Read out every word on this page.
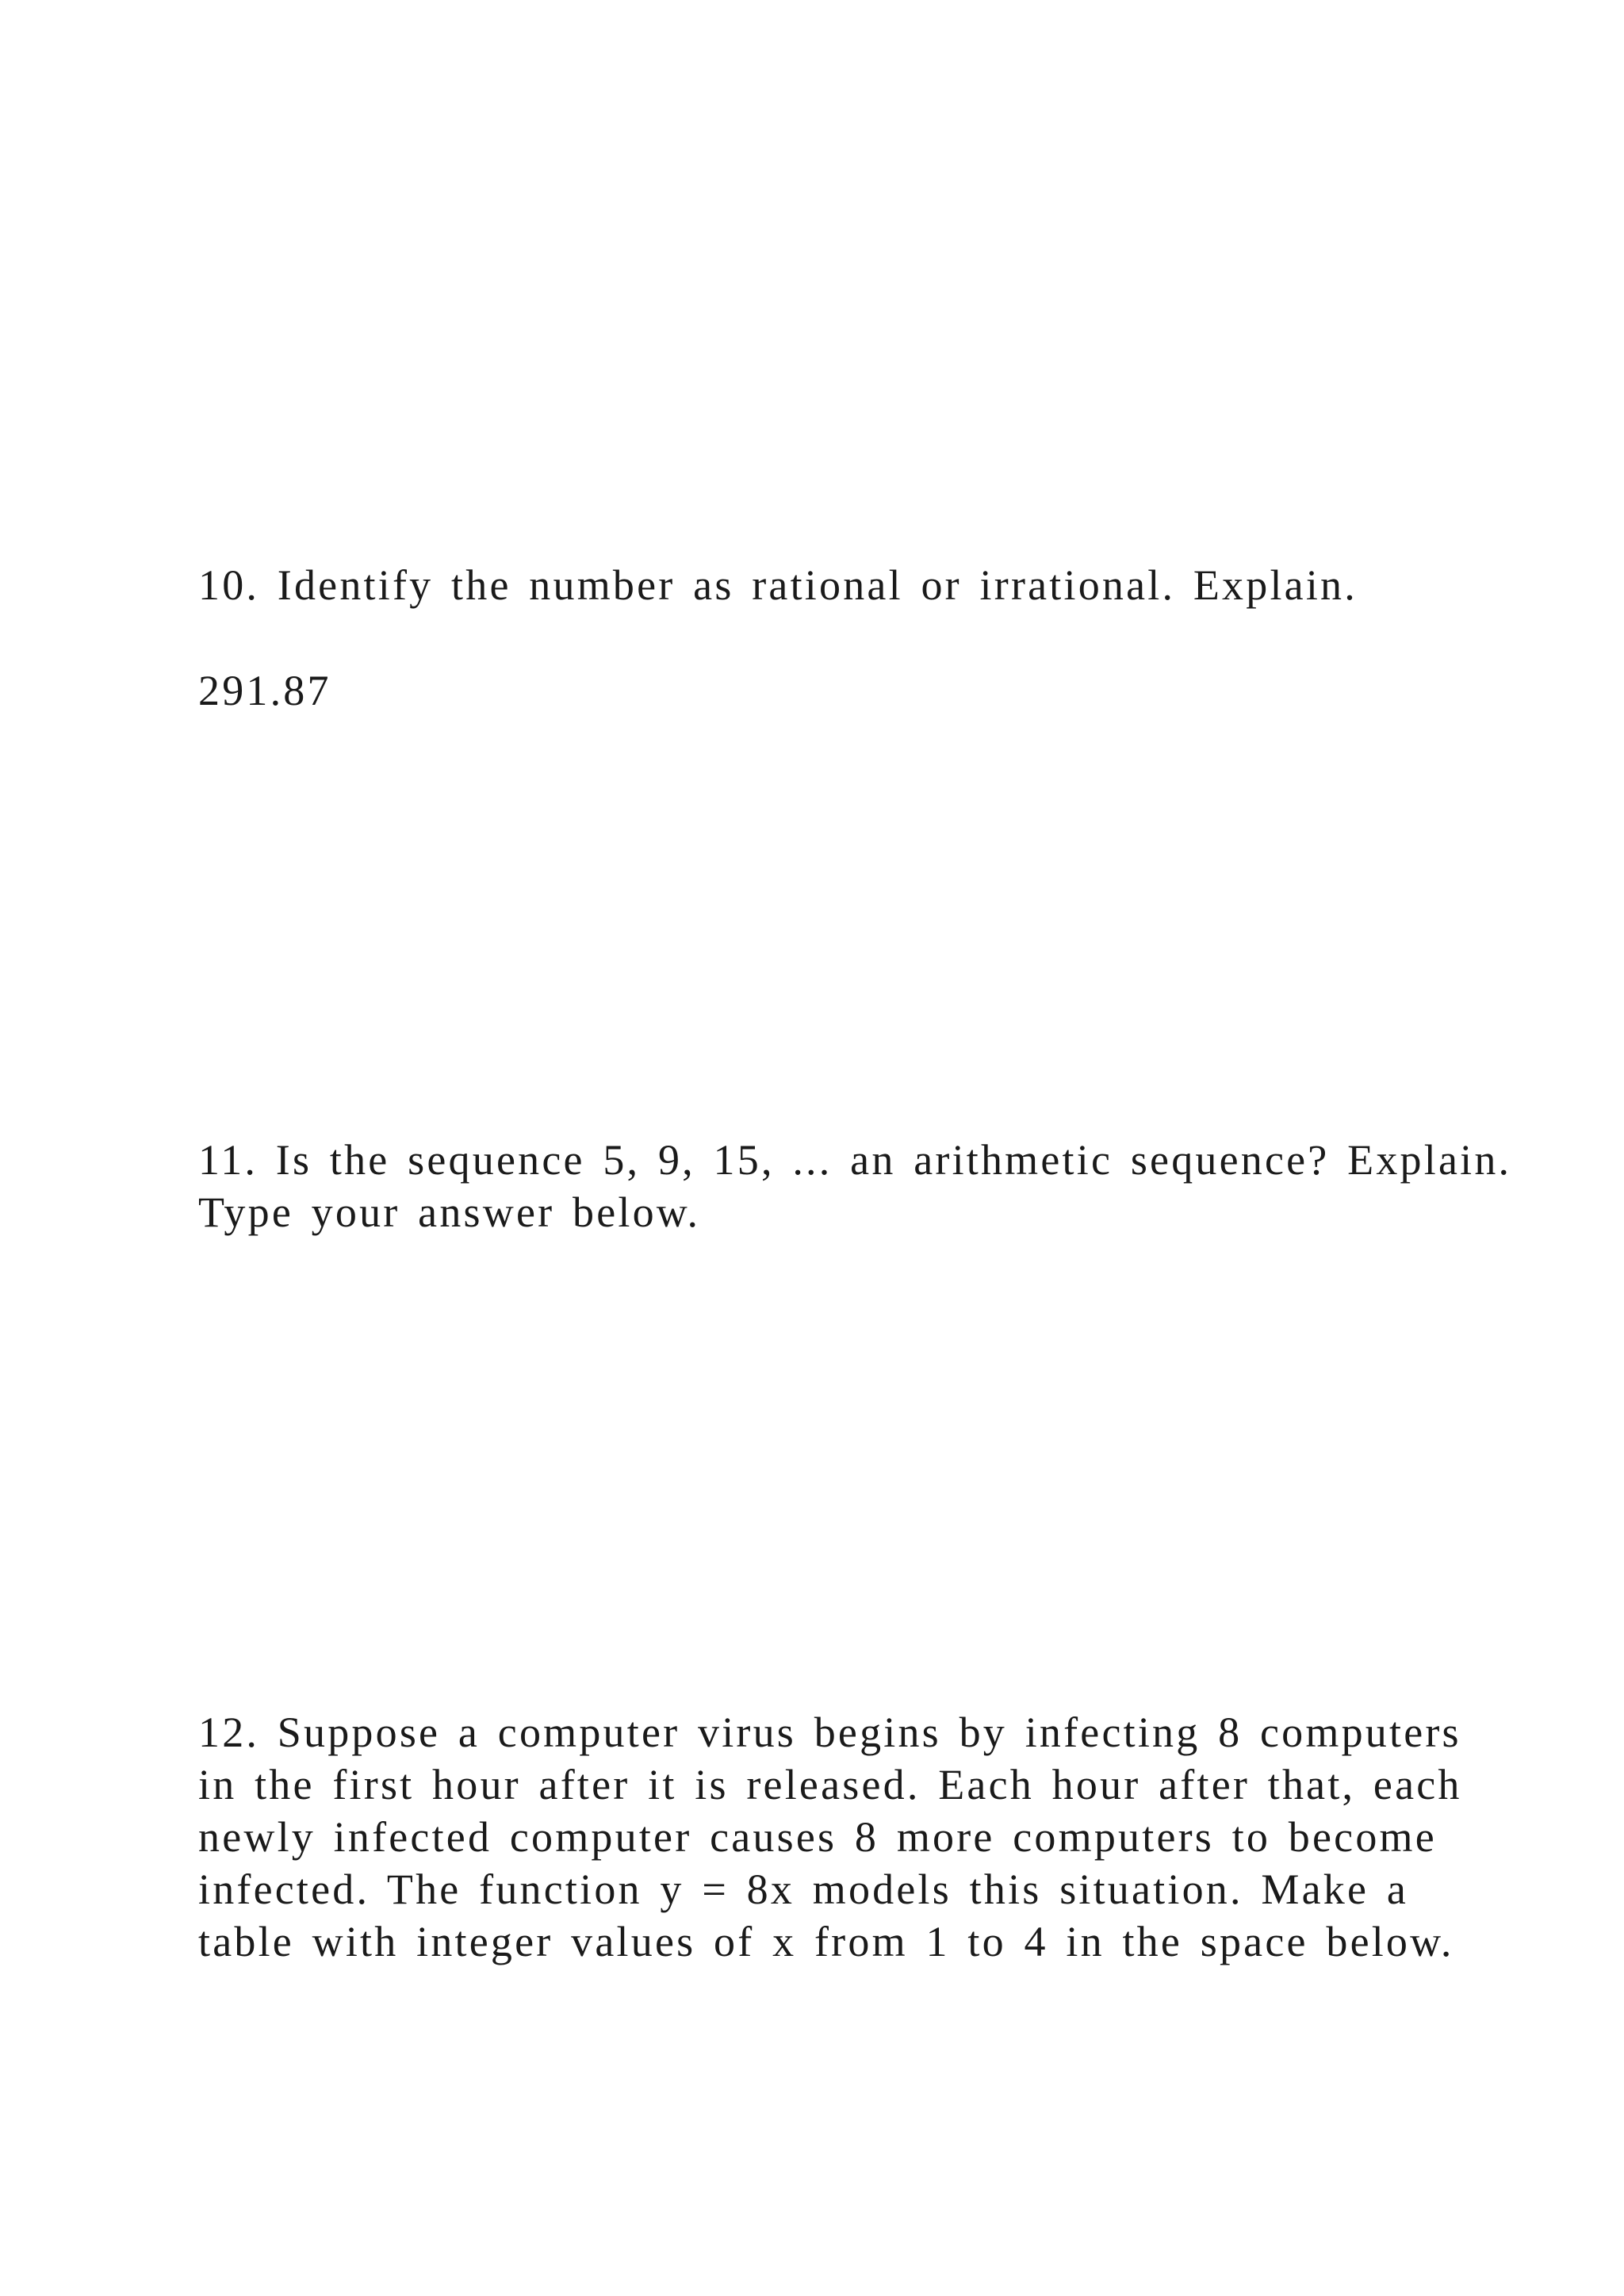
10. Identify the number as rational or irrational. Explain.
291.87
11. Is the sequence 5, 9, 15, ... an arithmetic sequence? Explain.
Type your answer below.
12. Suppose a computer virus begins by infecting 8 computers
in the first hour after it is released. Each hour after that, each
newly infected computer causes 8 more computers to become
infected. The function y = 8x models this situation. Make a
table with integer values of x from 1 to 4 in the space below.
